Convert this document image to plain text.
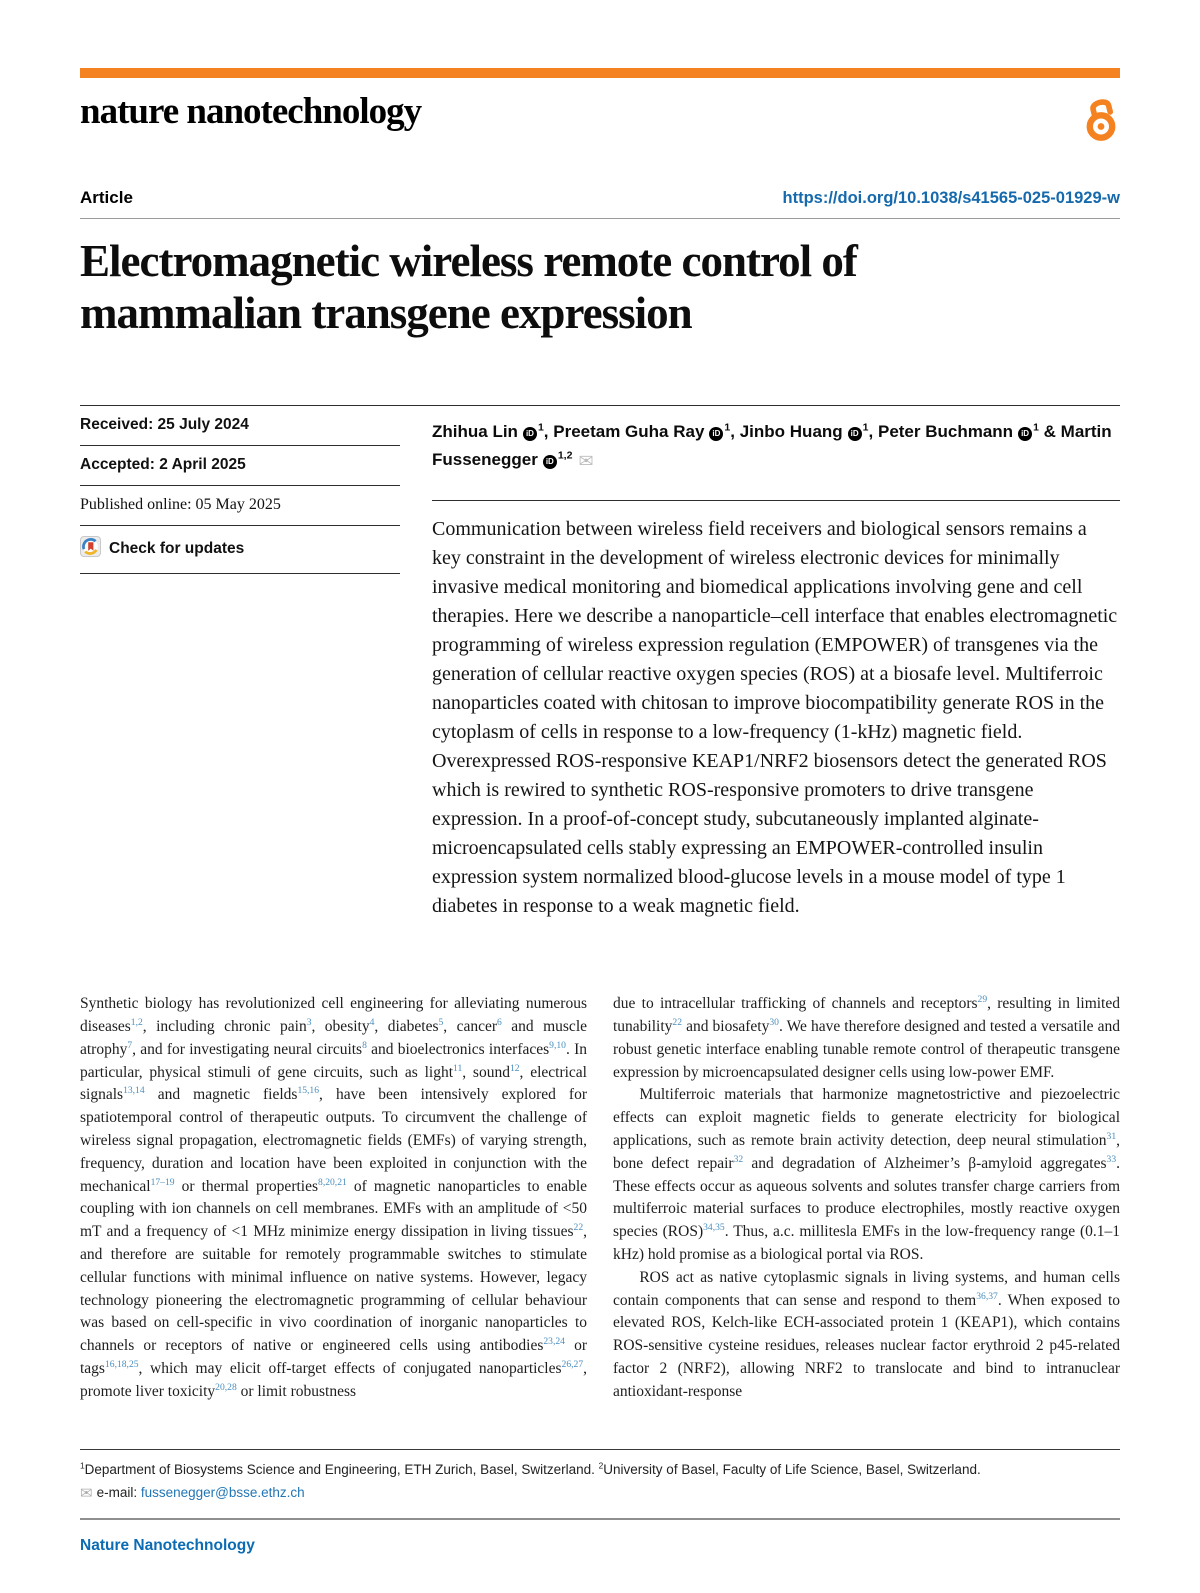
nature nanotechnology
Article	https://doi.org/10.1038/s41565-025-01929-w
Electromagnetic wireless remote control of
mammalian transgene expression
Received: 25 July 2024
Accepted: 2 April 2025
Published online: 05 May 2025
Check for updates
Zhihua Lin iD $^1$, Preetam Guha Ray iD $^1$, Jinbo Huang iD $^1$, Peter BuchmanniD $^1$ & Martin Fussenegger iD $^{1,2}$ ✉

Communication between wireless field receivers and biological sensors remains a key constraint in the development of wireless electronic devices for minimally invasive medical monitoring and biomedical applications involving gene and cell therapies. Here we describe a nanoparticle–cell interface that enables electromagnetic programming of wireless expression regulation (EMPOWER) of transgenes via the generation of cellular reactive oxygen species (ROS) at a biosafe level. Multiferroic nanoparticles coated with chitosan to improve biocompatibility generate ROS in the cytoplasm of cells in response to a low-frequency (1-kHz) magnetic field. Overexpressed ROS-responsive KEAP1/NRF2 biosensors detect the generated ROS which is rewired to synthetic ROS-responsive promoters to drive transgene expression. In a proof-of-concept study, subcutaneously implanted alginate-microencapsulated cells stably expressing an EMPOWER-controlled insulin expression system normalized blood-glucose levels in a mouse model of type 1 diabetes in response to a weak magnetic field.

Synthetic biology has revolutionized cell engineering for alleviating numerous diseases$^{1,2}$, including chronic pain$^3$, obesity$^4$, diabetes$^5$, cancer$^6$ and muscle atrophy$^7$, and for investigating neural circuits$^8$ and bioelectronics interfaces$^{9,10}$. In particular, physical stimuli of gene circuits, such as light$^{11}$, sound$^{12}$, electrical signals$^{13,14}$ and magnetic fields$^{15,16}$, have been intensively explored for spatiotemporal control of therapeutic outputs. To circumvent the challenge of wireless signal propagation, electromagnetic fields (EMFs) of varying strength, frequency, duration and location have been exploited in conjunction with the mechanical$^{17-19}$ or thermal properties$^{8,20,21}$ of magnetic nanoparticles to enable coupling with ion channels on cell membranes. EMFs with an amplitude of <50 mT and a frequency of <1 MHz minimize energy dissipation in living tissues$^{22}$, and therefore are suitable for remotely programmable switches to stimulate cellular functions with minimal influence on native systems. However, legacy technology pioneering the electromagnetic programming of cellular behaviour was based on cell-specific in vivo coordination of inorganic nanoparticles to channels or receptors of native or engineered cells using antibodies$^{23,24}$ or tags$^{16,18,25}$, which may elicit off-target effects of conjugated nanoparticles$^{26,27}$, promote liver toxicity$^{20,28}$ or limit robustness

due to intracellular trafficking of channels and receptors$^{29}$, resulting in limited tunability$^{22}$ and biosafety$^{30}$. We have therefore designed and tested a versatile and robust genetic interface enabling tunable remote control of therapeutic transgene expression by microencapsulated designer cells using low-power EMF.

Multiferroic materials that harmonize magnetostrictive and piezoelectric effects can exploit magnetic fields to generate electricity for biological applications, such as remote brain activity detection, deep neural stimulation$^{31}$, bone defect repair$^{32}$ and degradation of Alzheimer’s β-amyloid aggregates$^{33}$. These effects occur as aqueous solvents and solutes transfer charge carriers from multiferroic material surfaces to produce electrophiles, mostly reactive oxygen species (ROS)$^{34,35}$. Thus, a.c. millitesla EMFs in the low-frequency range (0.1–1 kHz) hold promise as a biological portal via ROS.

ROS act as native cytoplasmic signals in living systems, and human cells contain components that can sense and respond to them$^{36,37}$. When exposed to elevated ROS, Kelch-like ECH-associated protein 1 (KEAP1), which contains ROS-sensitive cysteine residues, releases nuclear factor erythroid 2 p45-related factor 2 (NRF2), allowing NRF2 to translocate and bind to intranuclear antioxidant-response

$^1$Department of Biosystems Science and Engineering, ETH Zurich, Basel, Switzerland. $^2$University of Basel, Faculty of Life Science, Basel, Switzerland.
✉e-mail: fussenegger@bsse.ethz.ch
Nature Nanotechnology
